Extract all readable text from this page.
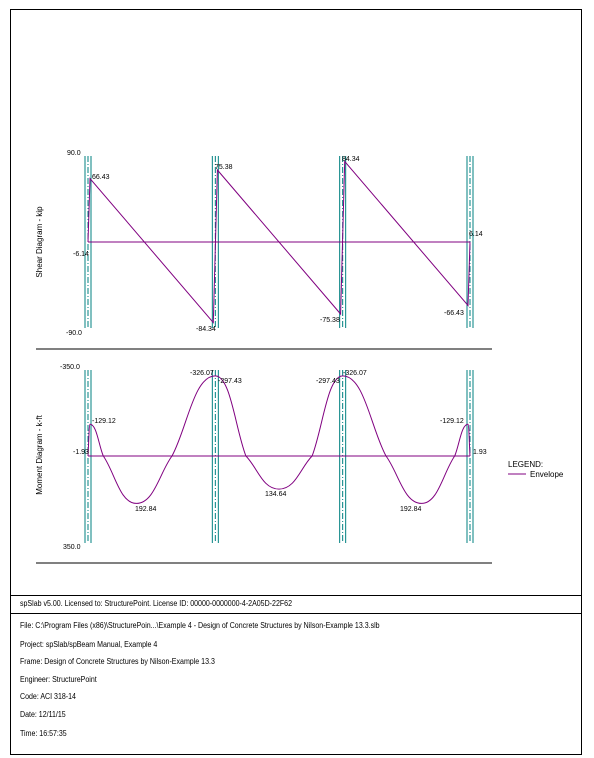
Shear Diagram - kip
90.0
-90.0
66.43
-6.14
-84.34
75.38
-75.38
84.34
-66.43
6.14
Moment Diagram - k-ft
-350.0
350.0
-129.12
-1.93
192.84
-326.07
-297.43
134.64
-297.43
-326.07
192.84
-129.12
1.93
LEGEND:
Envelope
spSlab v5.00. Licensed to: StructurePoint. License ID: 00000-0000000-4-2A05D-22F62
File: C:\Program Files (x86)\StructurePoin...\Example 4 - Design of Concrete Structures by Nilson-Example 13.3.slb
Project: spSlab/spBeam Manual, Example 4
Frame: Design of Concrete Structures by Nilson-Example 13.3
Engineer: StructurePoint
Code: ACI 318-14
Date: 12/11/15
Time: 16:57:35
